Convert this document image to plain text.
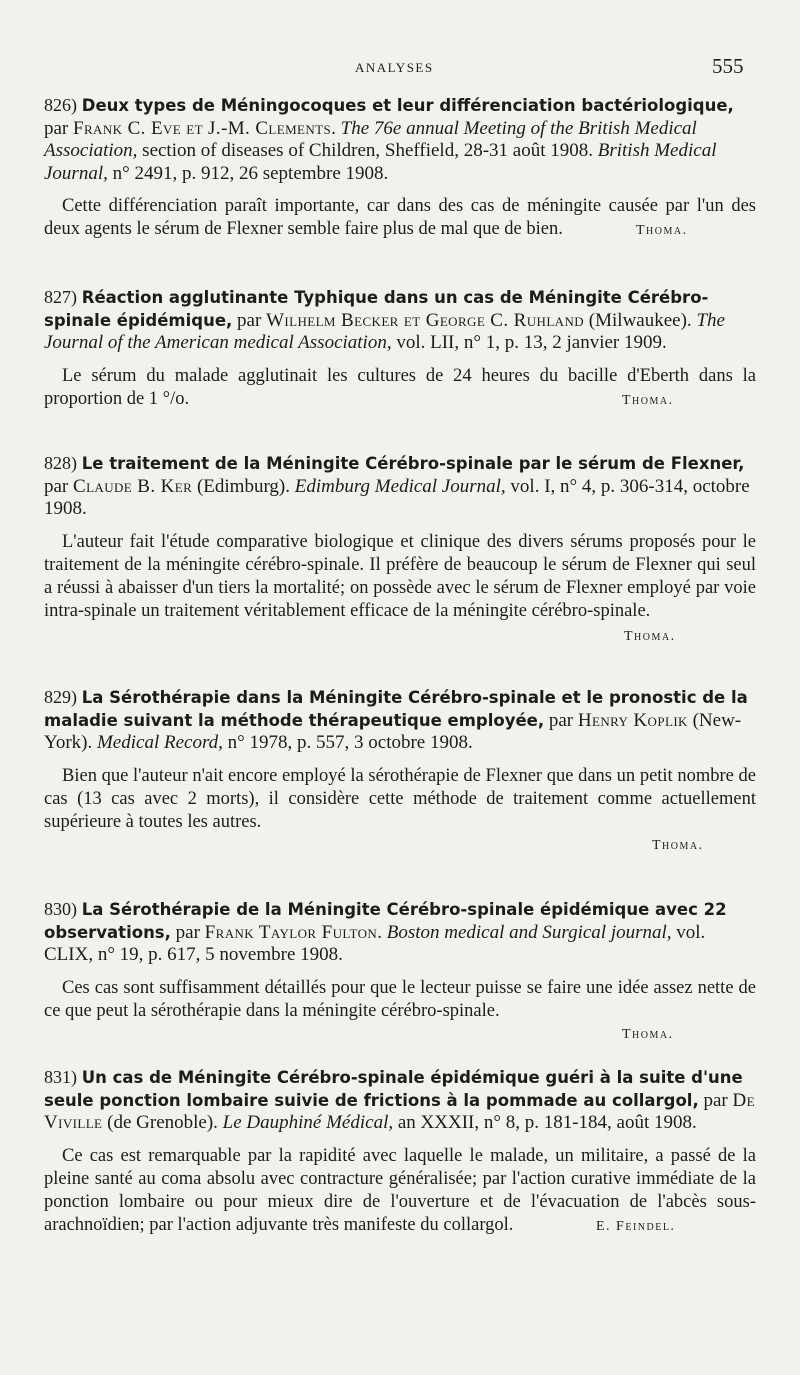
ANALYSES	555

826) Deux types de Méningocoques et leur différenciation bactériologique, par Frank C. Eve et J.-M. Clements. The 76e annual Meeting of the British Medical Association, section of diseases of Children, Sheffield, 28-31 août 1908. British Medical Journal, n° 2491, p. 912, 26 septembre 1908.

Cette différenciation paraît importante, car dans des cas de méningite causée par l'un des deux agents le sérum de Flexner semble faire plus de mal que de bien.	Thoma.

827) Réaction agglutinante Typhique dans un cas de Méningite Cérébro-spinale épidémique, par Wilhelm Becker et George C. Ruhland (Milwaukee). The Journal of the American medical Association, vol. LII, n° 1, p. 13, 2 janvier 1909.

Le sérum du malade agglutinait les cultures de 24 heures du bacille d'Eberth dans la proportion de 1 °/o.	Thoma.

828) Le traitement de la Méningite Cérébro-spinale par le sérum de Flexner, par Claude B. Ker (Edimburg). Edimburg Medical Journal, vol. I, n° 4, p. 306-314, octobre 1908.

L'auteur fait l'étude comparative biologique et clinique des divers sérums proposés pour le traitement de la méningite cérébro-spinale. Il préfère de beaucoup le sérum de Flexner qui seul a réussi à abaisser d'un tiers la mortalité; on possède avec le sérum de Flexner employé par voie intra-spinale un traitement véritablement efficace de la méningite cérébro-spinale.

Thoma.

829) La Sérothérapie dans la Méningite Cérébro-spinale et le pronostic de la maladie suivant la méthode thérapeutique employée, par Henry Koplik (New-York). Medical Record, n° 1978, p. 557, 3 octobre 1908.

Bien que l'auteur n'ait encore employé la sérothérapie de Flexner que dans un petit nombre de cas (13 cas avec 2 morts), il considère cette méthode de traitement comme actuellement supérieure à toutes les autres.

Thoma.

830) La Sérothérapie de la Méningite Cérébro-spinale épidémique avec 22 observations, par Frank Taylor Fulton. Boston medical and Surgical journal, vol. CLIX, n° 19, p. 617, 5 novembre 1908.

Ces cas sont suffisamment détaillés pour que le lecteur puisse se faire une idée assez nette de ce que peut la sérothérapie dans la méningite cérébro-spinale.

Thoma.

831) Un cas de Méningite Cérébro-spinale épidémique guéri à la suite d'une seule ponction lombaire suivie de frictions à la pommade au collargol, par De Viville (de Grenoble). Le Dauphiné Médical, an XXXII, n° 8, p. 181-184, août 1908.

Ce cas est remarquable par la rapidité avec laquelle le malade, un militaire, a passé de la pleine santé au coma absolu avec contracture généralisée; par l'action curative immédiate de la ponction lombaire ou pour mieux dire de l'ouverture et de l'évacuation de l'abcès sous-arachnoïdien; par l'action adjuvante très manifeste du collargol.	E. Feindel.
